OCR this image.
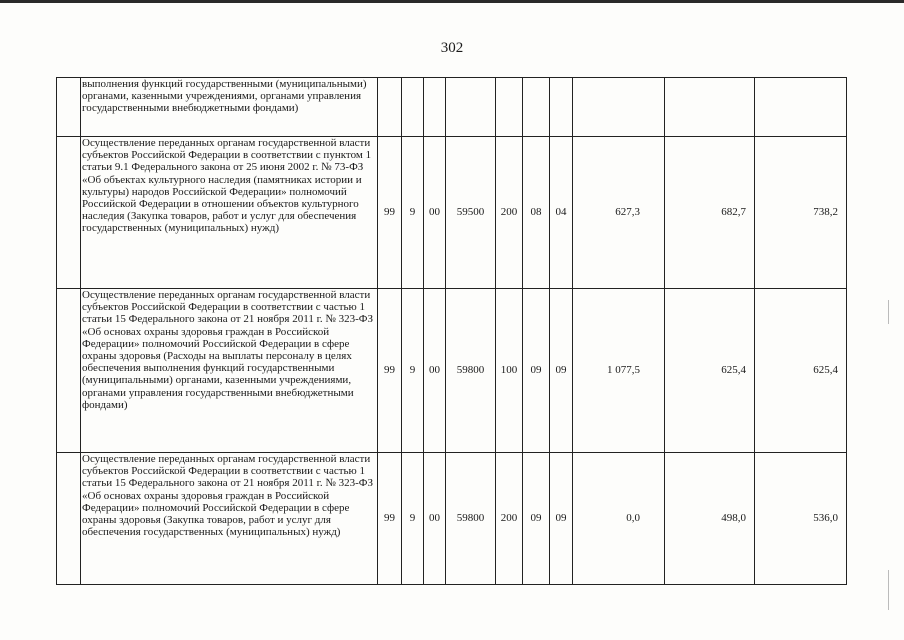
302
	выполнения функций государственными (муниципальными) органами, казенными учреждениями, органами управления государственными внебюджетными фондами)										
	Осуществление переданных органам государственной власти субъектов Российской Федерации в соответствии с пунктом 1 статьи 9.1 Федерального закона от 25 июня 2002 г. № 73-ФЗ «Об объектах культурного наследия (памятниках истории и культуры) народов Российской Федерации» полномочий Российской Федерации в отношении объектов культурного наследия (Закупка товаров, работ и услуг для обеспечения государственных (муниципальных) нужд)	99	9	00	59500	200	08	04	627,3	682,7	738,2
	Осуществление переданных органам государственной власти субъектов Российской Федерации в соответствии с частью 1 статьи 15 Федерального закона от 21 ноября 2011 г. № 323-ФЗ «Об основах охраны здоровья граждан в Российской Федерации» полномочий Российской Федерации в сфере охраны здоровья (Расходы на выплаты персоналу в целях обеспечения выполнения функций государственными (муниципальными) органами, казенными учреждениями, органами управления государственными внебюджетными фондами)	99	9	00	59800	100	09	09	1 077,5	625,4	625,4
	Осуществление переданных органам государственной власти субъектов Российской Федерации в соответствии с частью 1 статьи 15 Федерального закона от 21 ноября 2011 г. № 323-ФЗ «Об основах охраны здоровья граждан в Российской Федерации» полномочий Российской Федерации в сфере охраны здоровья (Закупка товаров, работ и услуг для обеспечения государственных (муниципальных) нужд)	99	9	00	59800	200	09	09	0,0	498,0	536,0
